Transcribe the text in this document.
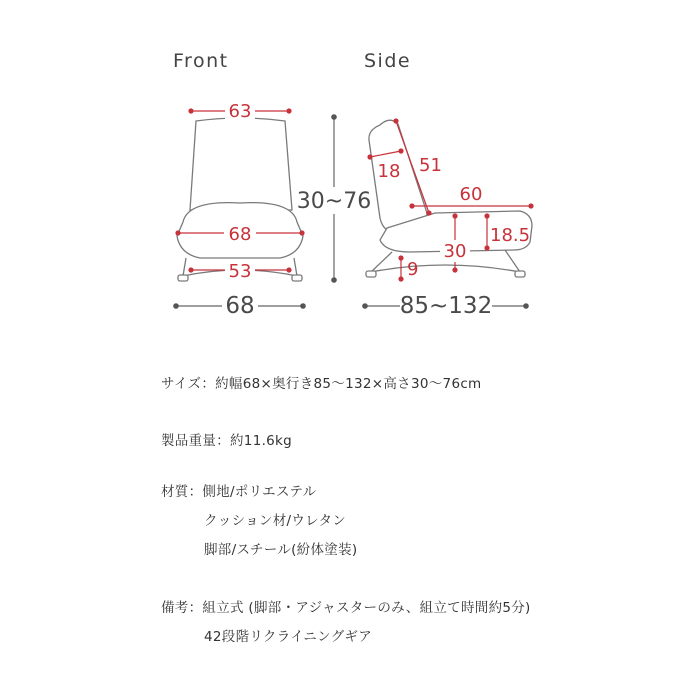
Front	Side
63
68
53
68
30~76
51
18
60
30
18.5
9
85~132
サイズ：約幅68×奥行き85～132×高さ30～76cm
製品重量：約11.6kg
材質：側地/ポリエステル
クッション材/ウレタン
脚部/スチール(紛体塗装)
備考：組立式 (脚部・アジャスターのみ、組立て時間約5分)
42段階リクライニングギア
